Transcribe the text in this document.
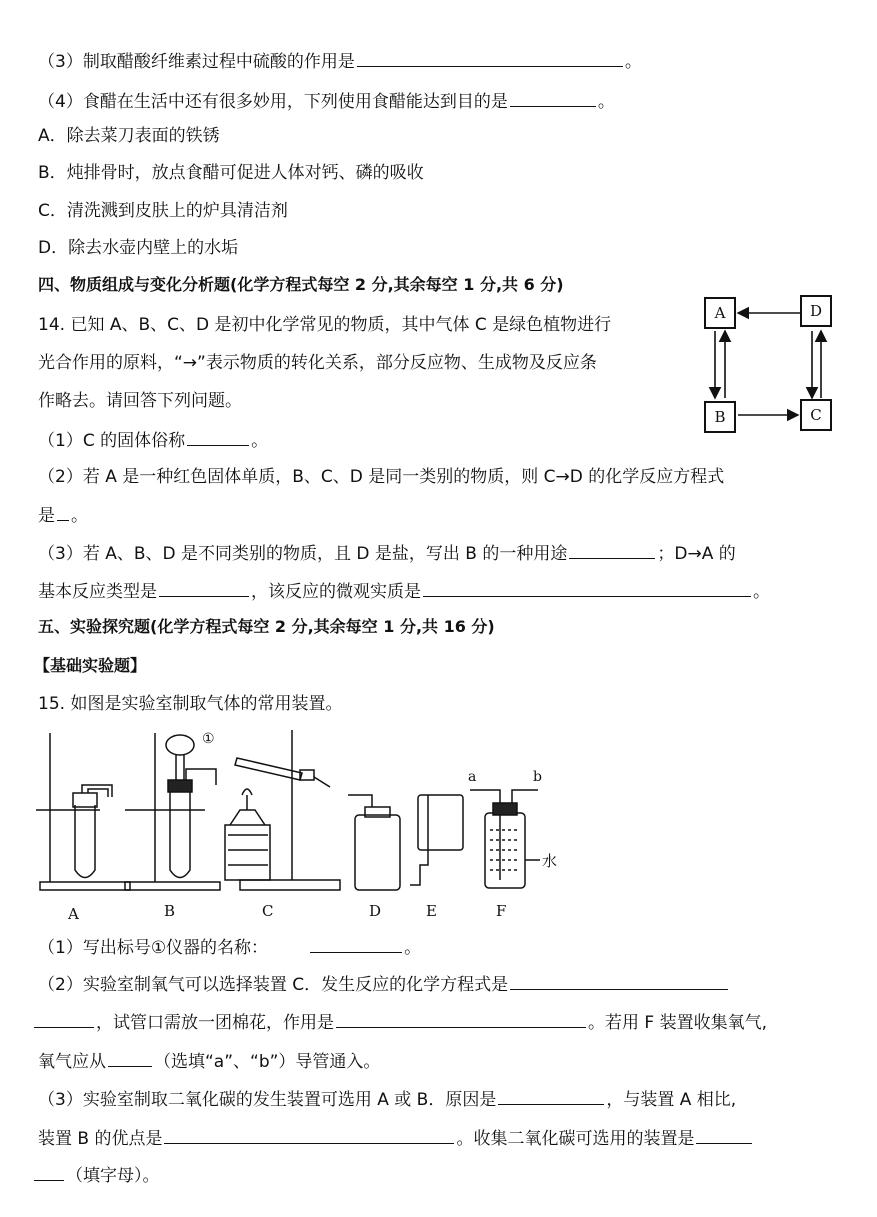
（3）制取醋酸纤维素过程中硫酸的作用是	。
（4）食醋在生活中还有很多妙用，下列使用食醋能达到目的是	。
A．除去菜刀表面的铁锈
B．炖排骨时，放点食醋可促进人体对钙、磷的吸收
C．清洗溅到皮肤上的炉具清洁剂
D．除去水壶内壁上的水垢
四、物质组成与变化分析题(化学方程式每空 2 分,其余每空 1 分,共 6 分)
14. 已知 A、B、C、D 是初中化学常见的物质，其中气体 C 是绿色植物进行
光合作用的原料，“→”表示物质的转化关系，部分反应物、生成物及反应条
作略去。请回答下列问题。
（1）C 的固体俗称	。
（2）若 A 是一种红色固体单质，B、C、D 是同一类别的物质，则 C→D 的化学反应方程式
是 。
（3）若 A、B、D 是不同类别的物质，且 D 是盐，写出 B 的一种用途	；D→A 的
基本反应类型是	，该反应的微观实质是	。
A	D
B	C
五、实验探究题(化学方程式每空 2 分,其余每空 1 分,共 16 分)
【基础实验题】
15. 如图是实验室制取气体的常用装置。
①
a	b
水
A	B	C	D	E	F
（1）写出标号①仪器的名称：	。
（2）实验室制氧气可以选择装置 C．发生反应的化学方程式是
，试管口需放一团棉花，作用是	。若用 F 装置收集氧气,
氧气应从	（选填“a”、“b”）导管通入。
（3）实验室制取二氧化碳的发生装置可选用 A 或 B．原因是	，与装置 A 相比,
装置 B 的优点是	。收集二氧化碳可选用的装置是
（填字母）。
